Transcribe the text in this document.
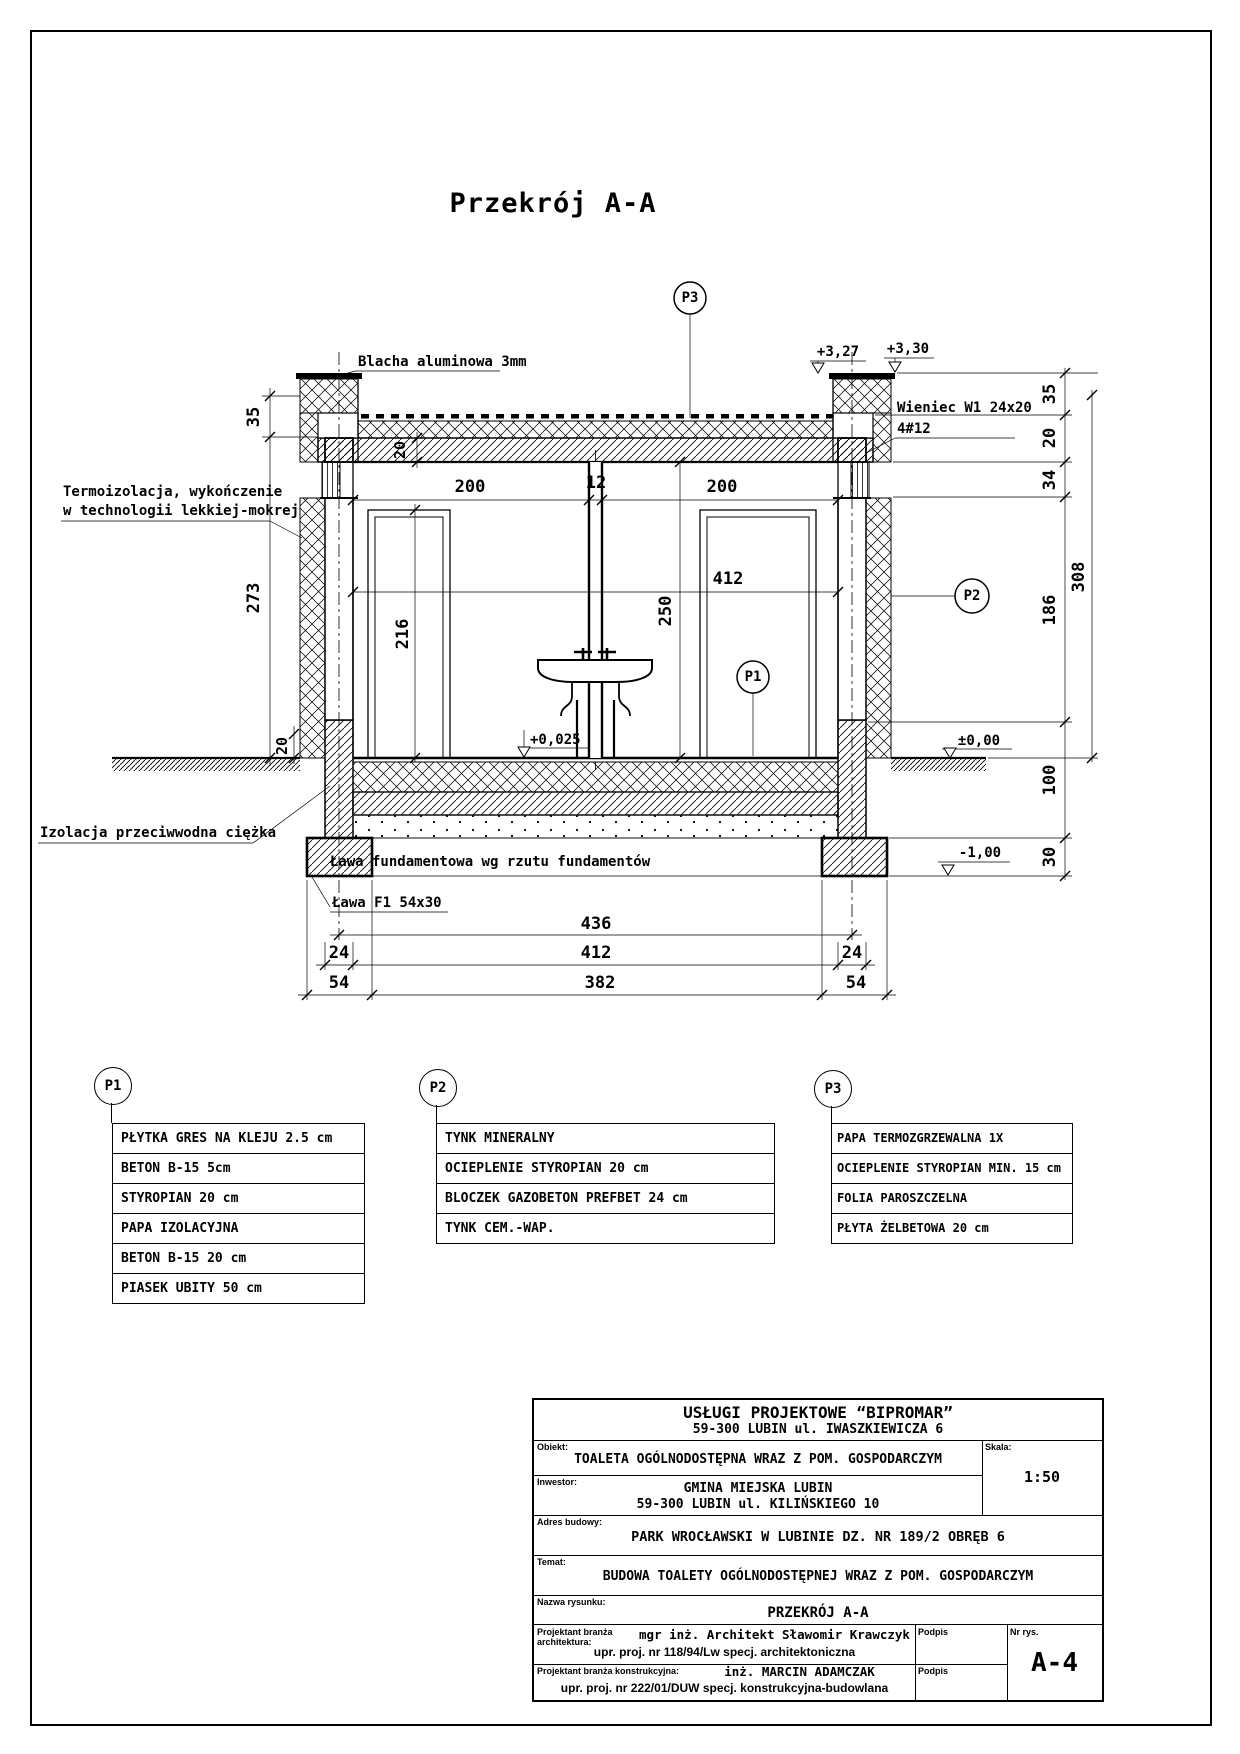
Przekrój A-A
Ława fundamentowa wg rzutu fundamentów
P3
P2
P1
Blacha aluminowa 3mm
Termoizolacja, wykończenie
w technologii lekkiej-mokrej
Izolacja przeciwwodna ciężka
Ława F1 54x30
Wieniec W1 24x20
4#12
+3,27 +3,30
+0,025	±0,00
-1,00
35
273
20
20
200	12	200
412
216
250
35
20
34
186
100
30
308
436
24	412	24
54	382	54
P1
PŁYTKA GRES NA KLEJU 2.5 cm
BETON B-15 5cm
STYROPIAN 20 cm
PAPA IZOLACYJNA
BETON B-15 20 cm
PIASEK UBITY 50 cm
P2
TYNK MINERALNY
OCIEPLENIE STYROPIAN 20 cm
BLOCZEK GAZOBETON PREFBET 24 cm
TYNK CEM.-WAP.
P3
PAPA TERMOZGRZEWALNA 1X
OCIEPLENIE STYROPIAN MIN. 15 cm
FOLIA PAROSZCZELNA
PŁYTA ŻELBETOWA 20 cm
USŁUGI PROJEKTOWE “BIPROMAR”
59-300 LUBIN ul. IWASZKIEWICZA 6
Obiekt:
TOALETA OGÓLNODOSTĘPNA WRAZ Z POM. GOSPODARCZYM
Skala:
1:50
Inwestor:	GMINA MIEJSKA LUBIN
59-300 LUBIN ul. KILIŃSKIEGO 10
Adres budowy:
PARK WROCŁAWSKI W LUBINIE DZ. NR 189/2 OBRĘB 6
Temat:
BUDOWA TOALETY OGÓLNODOSTĘPNEJ WRAZ Z POM. GOSPODARCZYM
Nazwa rysunku:
PRZEKRÓJ A-A
Projektant branża architektura:	mgr inż. Architekt Sławomir Krawczyk
upr. proj. nr 118/94/Lw specj. architektoniczna
Podpis
Projektant branża konstrukcyjna:	inż. MARCIN ADAMCZAK
upr. proj. nr 222/01/DUW specj. konstrukcyjna-budowlana
Podpis
Nr rys.
A-4
